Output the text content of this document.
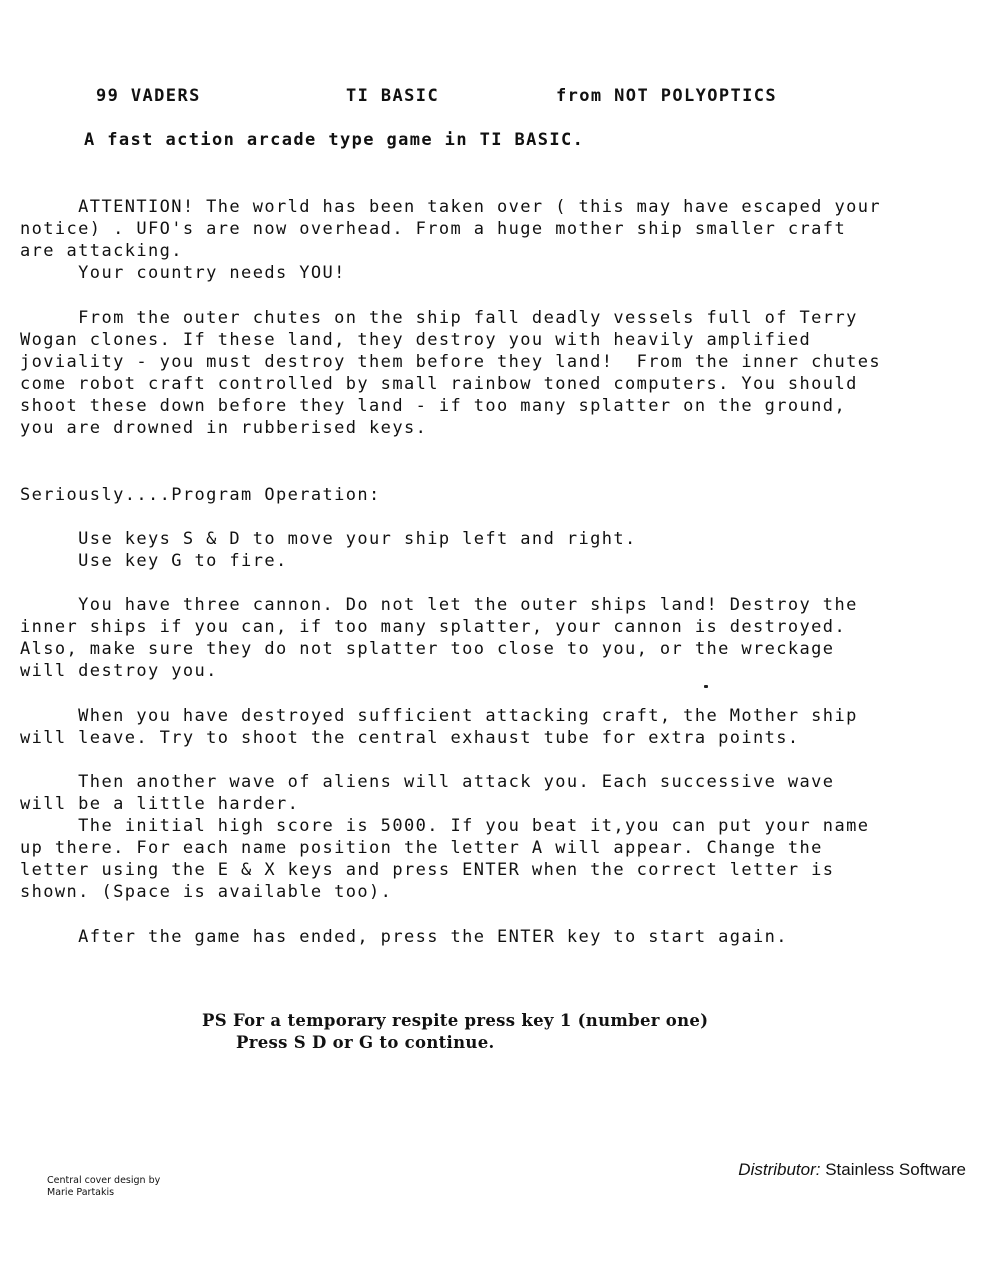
99 VADERS	TI BASIC	from NOT POLYOPTICS
A fast action arcade type game in TI BASIC.
ATTENTION! The world has been taken over ( this may have escaped your
notice) . UFO's are now overhead. From a huge mother ship smaller craft
are attacking.
Your country needs YOU!
From the outer chutes on the ship fall deadly vessels full of Terry
Wogan clones. If these land, they destroy you with heavily amplified
joviality - you must destroy them before they land!  From the inner chutes
come robot craft controlled by small rainbow toned computers. You should
shoot these down before they land - if too many splatter on the ground,
you are drowned in rubberised keys.
Seriously....Program Operation:
Use keys S & D to move your ship left and right.
Use key G to fire.
You have three cannon. Do not let the outer ships land! Destroy the
inner ships if you can, if too many splatter, your cannon is destroyed.
Also, make sure they do not splatter too close to you, or the wreckage
will destroy you.
When you have destroyed sufficient attacking craft, the Mother ship
will leave. Try to shoot the central exhaust tube for extra points.
Then another wave of aliens will attack you. Each successive wave
will be a little harder.
The initial high score is 5000. If you beat it,you can put your name
up there. For each name position the letter A will appear. Change the
letter using the E & X keys and press ENTER when the correct letter is
shown. (Space is available too).
After the game has ended, press the ENTER key to start again.
PS For a temporary respite press key 1 (number one)
Press S D or G to continue.
Central cover design by
Marie Partakis
Distributor: Stainless Software
